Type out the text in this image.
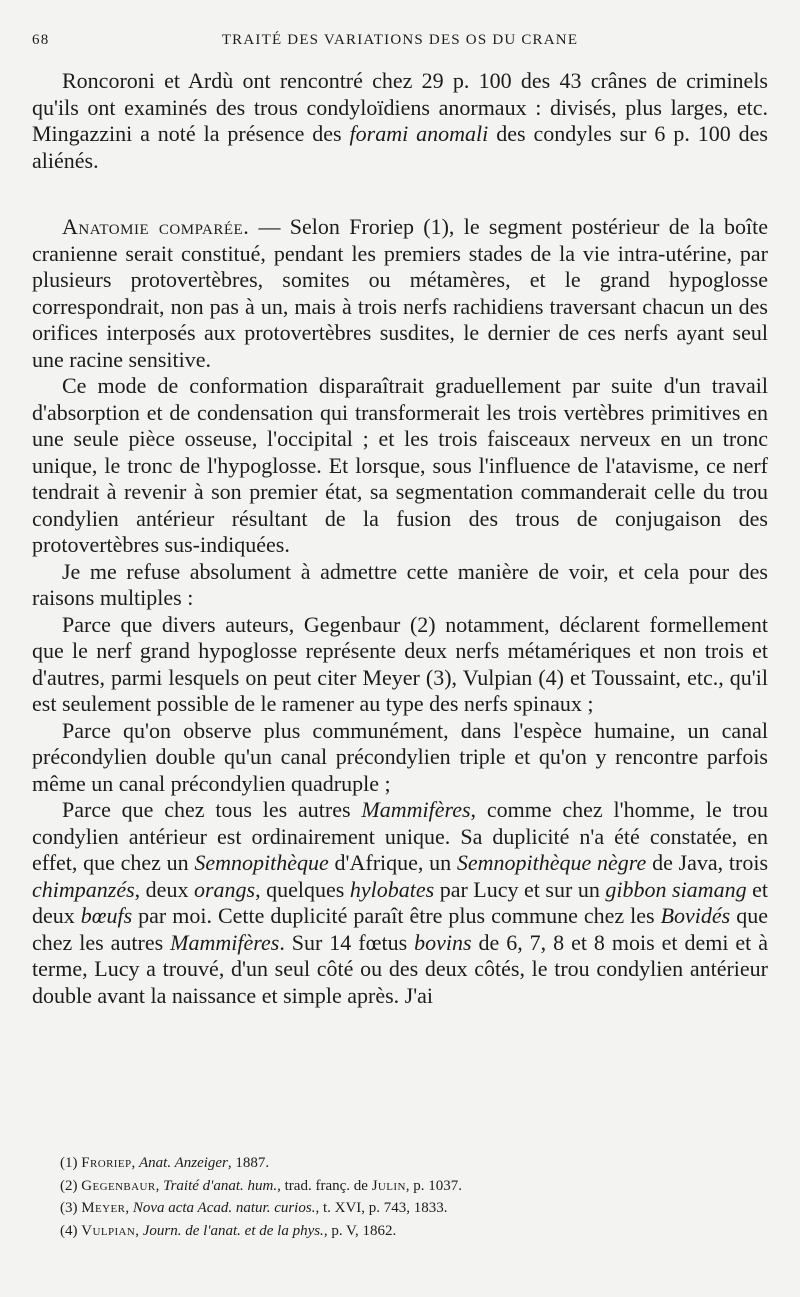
68	TRAITÉ DES VARIATIONS DES OS DU CRANE

Roncoroni et Ardù ont rencontré chez 29 p. 100 des 43 crânes de criminels qu'ils ont examinés des trous condyloïdiens anormaux : divisés, plus larges, etc. Mingazzini a noté la présence des forami anomali des condyles sur 6 p. 100 des aliénés.

Anatomie comparée. — Selon Froriep (1), le segment postérieur de la boîte cranienne serait constitué, pendant les premiers stades de la vie intra-utérine, par plusieurs protovertèbres, somites ou métamères, et le grand hypoglosse correspondrait, non pas à un, mais à trois nerfs rachidiens traversant chacun un des orifices interposés aux protovertèbres susdites, le dernier de ces nerfs ayant seul une racine sensitive.

Ce mode de conformation disparaîtrait graduellement par suite d'un travail d'absorption et de condensation qui transformerait les trois vertèbres primitives en une seule pièce osseuse, l'occipital ; et les trois faisceaux nerveux en un tronc unique, le tronc de l'hypoglosse. Et lorsque, sous l'influence de l'atavisme, ce nerf tendrait à revenir à son premier état, sa segmentation commanderait celle du trou condylien antérieur résultant de la fusion des trous de conjugaison des protovertèbres sus-indiquées.

Je me refuse absolument à admettre cette manière de voir, et cela pour des raisons multiples :

Parce que divers auteurs, Gegenbaur (2) notamment, déclarent formellement que le nerf grand hypoglosse représente deux nerfs métamériques et non trois et d'autres, parmi lesquels on peut citer Meyer (3), Vulpian (4) et Toussaint, etc., qu'il est seulement possible de le ramener au type des nerfs spinaux ;

Parce qu'on observe plus communément, dans l'espèce humaine, un canal précondylien double qu'un canal précondylien triple et qu'on y rencontre parfois même un canal précondylien quadruple ;

Parce que chez tous les autres Mammifères, comme chez l'homme, le trou condylien antérieur est ordinairement unique. Sa duplicité n'a été constatée, en effet, que chez un Semnopithèque d'Afrique, un Semnopithèque nègre de Java, trois chimpanzés, deux orangs, quelques hylobates par Lucy et sur un gibbon siamang et deux bœufs par moi. Cette duplicité paraît être plus commune chez les Bovidés que chez les autres Mammifères. Sur 14 fœtus bovins de 6, 7, 8 et 8 mois et demi et à terme, Lucy a trouvé, d'un seul côté ou des deux côtés, le trou condylien antérieur double avant la naissance et simple après. J'ai

(1) Froriep, Anat. Anzeiger, 1887.

(2) Gegenbaur, Traité d'anat. hum., trad. franç. de Julin, p. 1037.

(3) Meyer, Nova acta Acad. natur. curios., t. XVI, p. 743, 1833.

(4) Vulpian, Journ. de l'anat. et de la phys., p. V, 1862.
